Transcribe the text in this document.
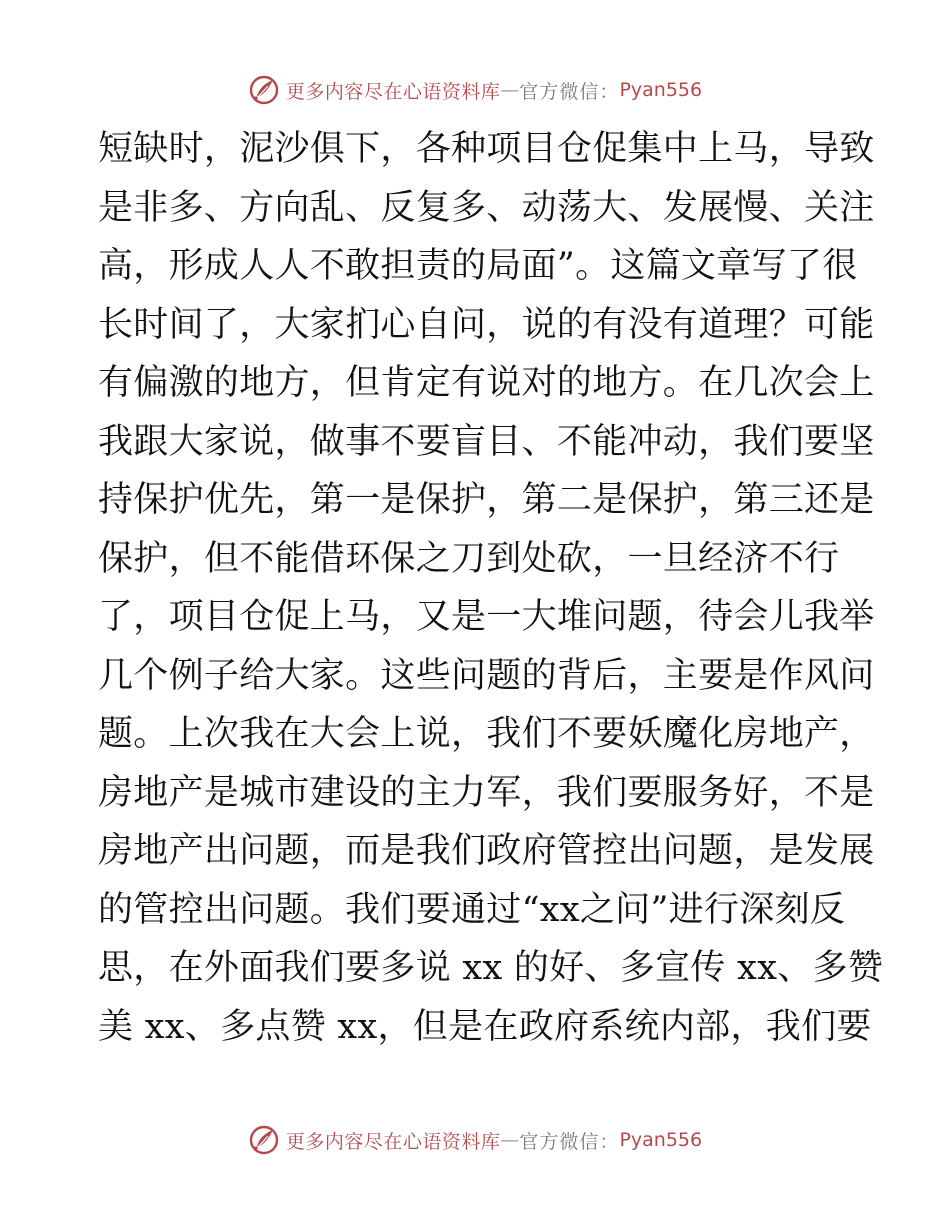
更多内容尽在心语资料库 — 官方微信： Pyan556
短缺时，泥沙俱下，各种项目仓促集中上马，导致
是非多、方向乱、反复多、动荡大、发展慢、关注
高，形成人人不敢担责的局面”。这篇文章写了很
长时间了，大家扪心自问，说的有没有道理？可能
有偏激的地方，但肯定有说对的地方。在几次会上
我跟大家说，做事不要盲目、不能冲动，我们要坚
持保护优先，第一是保护，第二是保护，第三还是
保护，但不能借环保之刀到处砍，一旦经济不行
了，项目仓促上马，又是一大堆问题，待会儿我举
几个例子给大家。这些问题的背后，主要是作风问
题。上次我在大会上说，我们不要妖魔化房地产，
房地产是城市建设的主力军，我们要服务好，不是
房地产出问题，而是我们政府管控出问题，是发展
的管控出问题。我们要通过“xx之问”进行深刻反
思，在外面我们要多说 xx 的好、多宣传 xx、多赞
美 xx、多点赞 xx，但是在政府系统内部，我们要
更多内容尽在心语资料库 — 官方微信： Pyan556
